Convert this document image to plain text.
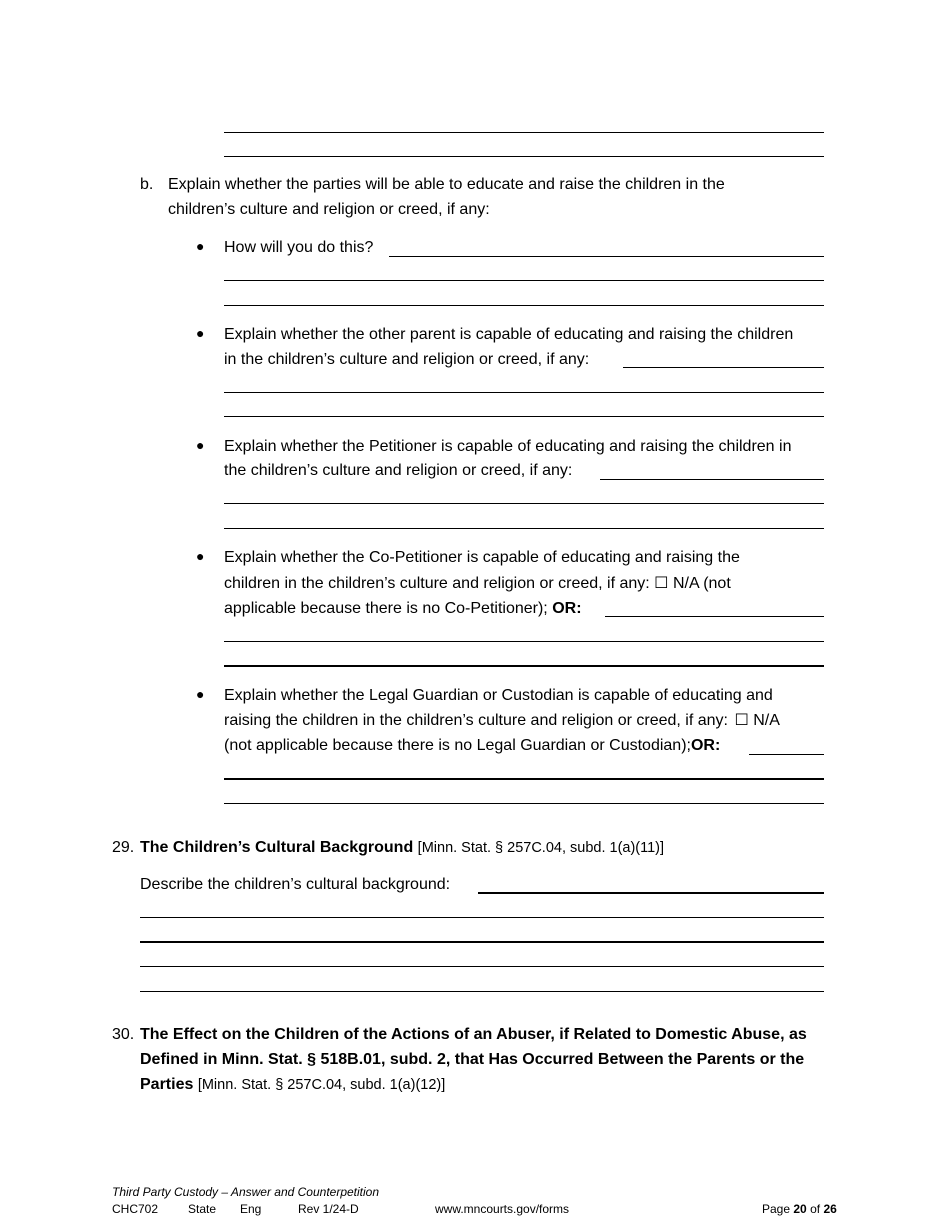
b. Explain whether the parties will be able to educate and raise the children in the
children’s culture and religion or creed, if any:
● How will you do this?
● Explain whether the other parent is capable of educating and raising the children
in the children’s culture and religion or creed, if any:
● Explain whether the Petitioner is capable of educating and raising the children in
the children’s culture and religion or creed, if any:
● Explain whether the Co-Petitioner is capable of educating and raising the
children in the children’s culture and religion or creed, if any: ☐ N/A (not
applicable because there is no Co-Petitioner); OR:
● Explain whether the Legal Guardian or Custodian is capable of educating and
raising the children in the children’s culture and religion or creed, if any: ☐ N/A
(not applicable because there is no Legal Guardian or Custodian);OR:
29. The Children’s Cultural Background [Minn. Stat. § 257C.04, subd. 1(a)(11)]
Describe the children’s cultural background:
30. The Effect on the Children of the Actions of an Abuser, if Related to Domestic Abuse, as
Defined in Minn. Stat. § 518B.01, subd. 2, that Has Occurred Between the Parents or the
Parties [Minn. Stat. § 257C.04, subd. 1(a)(12)]
Third Party Custody – Answer and Counterpetition
CHC702 State Eng	Rev 1/24-D	www.mncourts.gov/forms	Page 20 of 26
